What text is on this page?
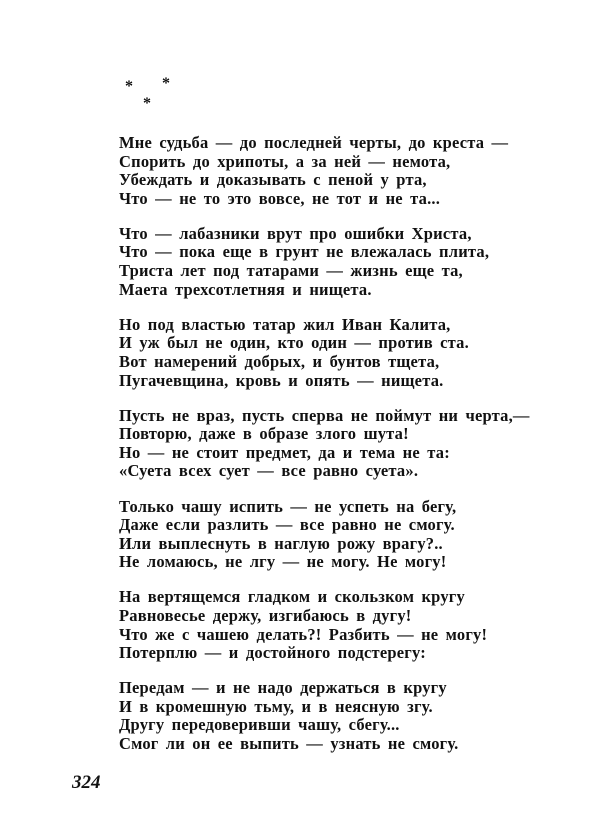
* *
*
Мне судьба — до последней черты, до креста —
Спорить до хрипоты, а за ней — немота,
Убеждать и доказывать с пеной у рта,
Что — не то это вовсе, не тот и не та...
Что — лабазники врут про ошибки Христа,
Что — пока еще в грунт не влежалась плита,
Триста лет под татарами — жизнь еще та,
Маета трехсотлетняя и нищета.
Но под властью татар жил Иван Калита,
И уж был не один, кто один — против ста.
Вот намерений добрых, и бунтов тщета,
Пугачевщина, кровь и опять — нищета.
Пусть не враз, пусть сперва не поймут ни черта,—
Повторю, даже в образе злого шута!
Но — не стоит предмет, да и тема не та:
«Суета всех сует — все равно суета».
Только чашу испить — не успеть на бегу,
Даже если разлить — все равно не смогу.
Или выплеснуть в наглую рожу врагу?..
Не ломаюсь, не лгу — не могу. Не могу!
На вертящемся гладком и скользком кругу
Равновесье держу, изгибаюсь в дугу!
Что же с чашею делать?! Разбить — не могу!
Потерплю — и достойного подстерегу:
Передам — и не надо держаться в кругу
И в кромешную тьму, и в неясную згу.
Другу передоверивши чашу, сбегу...
Смог ли он ее выпить — узнать не смогу.
324
